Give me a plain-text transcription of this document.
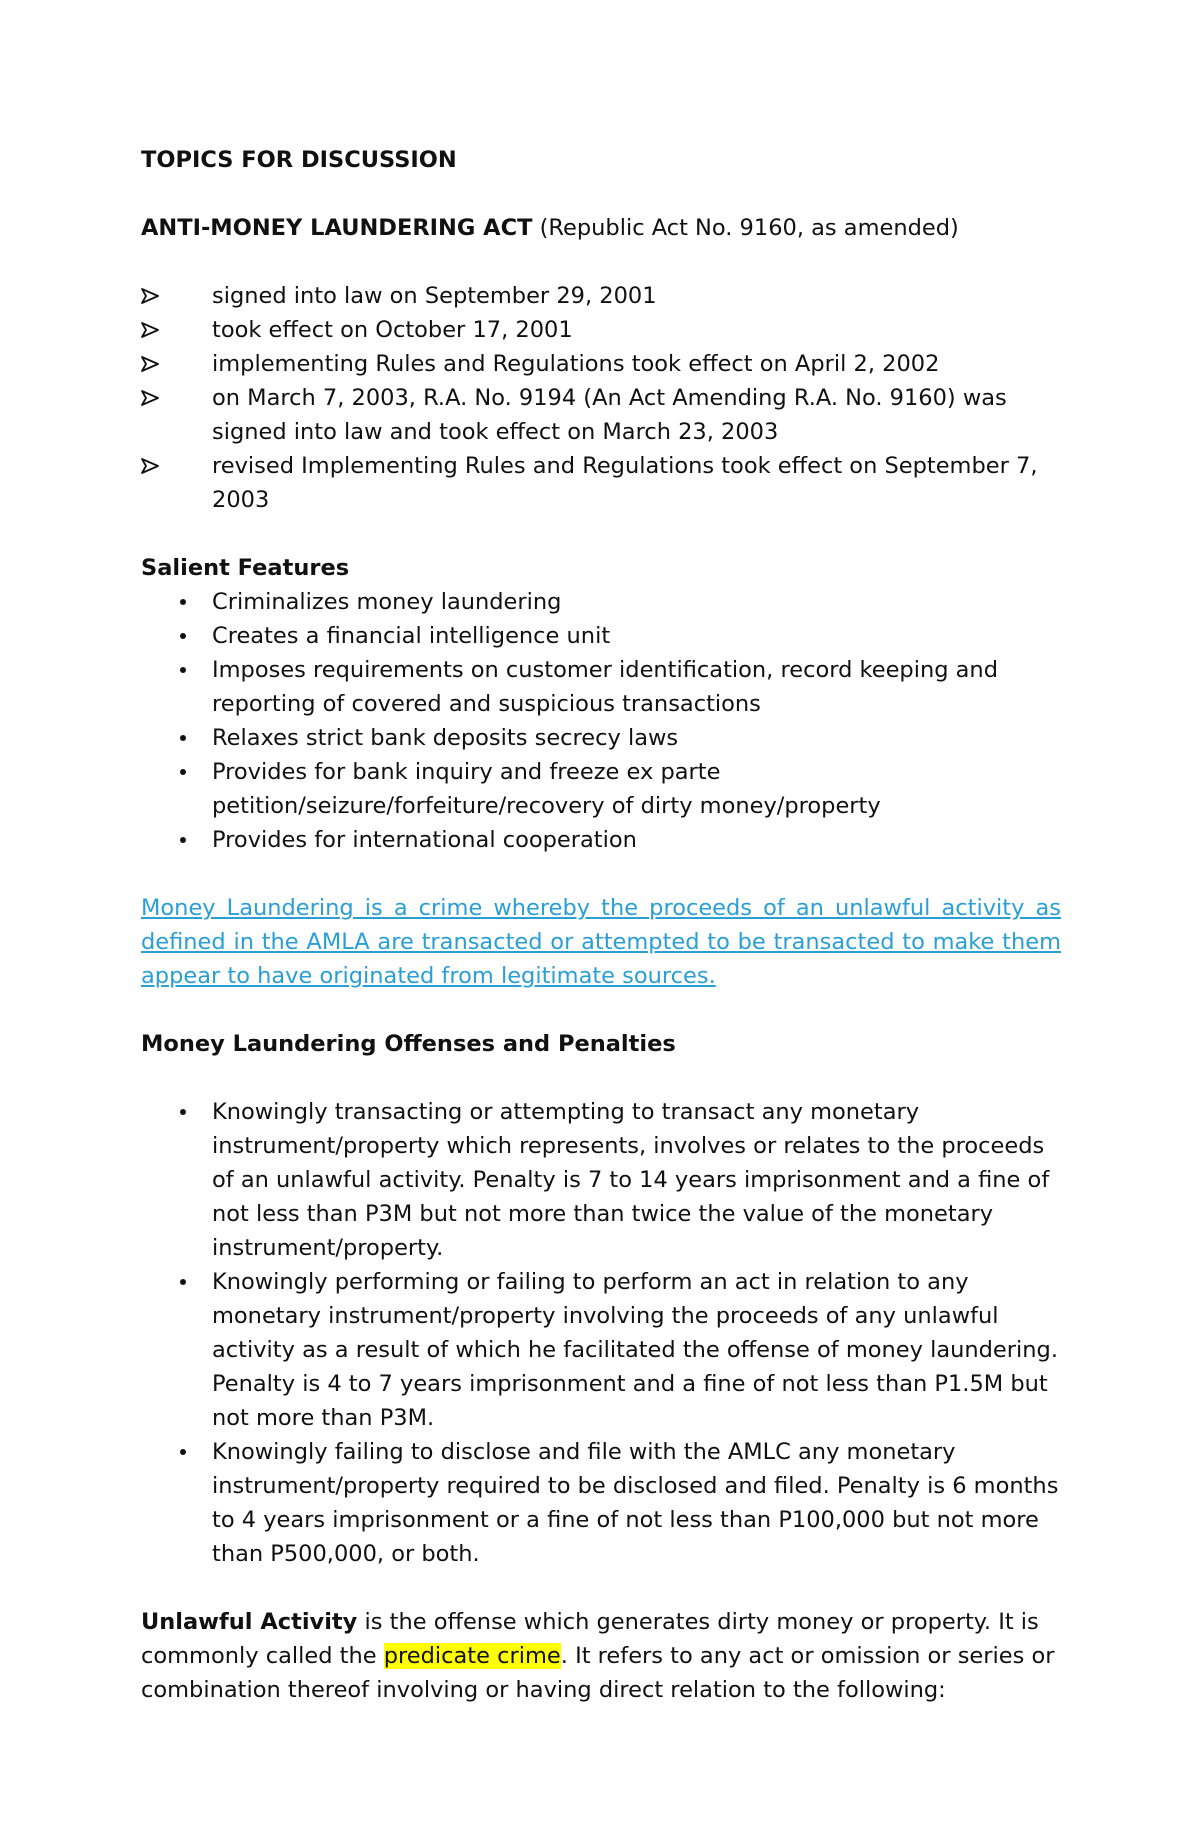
TOPICS FOR DISCUSSION
ANTI-MONEY LAUNDERING ACT (Republic Act No. 9160, as amended)
signed into law on September 29, 2001
took effect on October 17, 2001
implementing Rules and Regulations took effect on April 2, 2002
on March 7, 2003, R.A. No. 9194 (An Act Amending R.A. No. 9160) was signed into law and took effect on March 23, 2003
revised Implementing Rules and Regulations took effect on September 7, 2003
Salient Features
Criminalizes money laundering
Creates a financial intelligence unit
Imposes requirements on customer identification, record keeping and reporting of covered and suspicious transactions
Relaxes strict bank deposits secrecy laws
Provides for bank inquiry and freeze ex parte petition/seizure/forfeiture/recovery of dirty money/property
Provides for international cooperation
Money Laundering is a crime whereby the proceeds of an unlawful activity as defined in the AMLA are transacted or attempted to be transacted to make them appear to have originated from legitimate sources.
Money Laundering Offenses and Penalties
Knowingly transacting or attempting to transact any monetary instrument/property which represents, involves or relates to the proceeds of an unlawful activity. Penalty is 7 to 14 years imprisonment and a fine of not less than P3M but not more than twice the value of the monetary instrument/property.
Knowingly performing or failing to perform an act in relation to any monetary instrument/property involving the proceeds of any unlawful activity as a result of which he facilitated the offense of money laundering. Penalty is 4 to 7 years imprisonment and a fine of not less than P1.5M but not more than P3M.
Knowingly failing to disclose and file with the AMLC any monetary instrument/property required to be disclosed and filed. Penalty is 6 months to 4 years imprisonment or a fine of not less than P100,000 but not more than P500,000, or both.

Unlawful Activity is the offense which generates dirty money or property. It is commonly called the predicate crime. It refers to any act or omission or series or combination thereof involving or having direct relation to the following:
